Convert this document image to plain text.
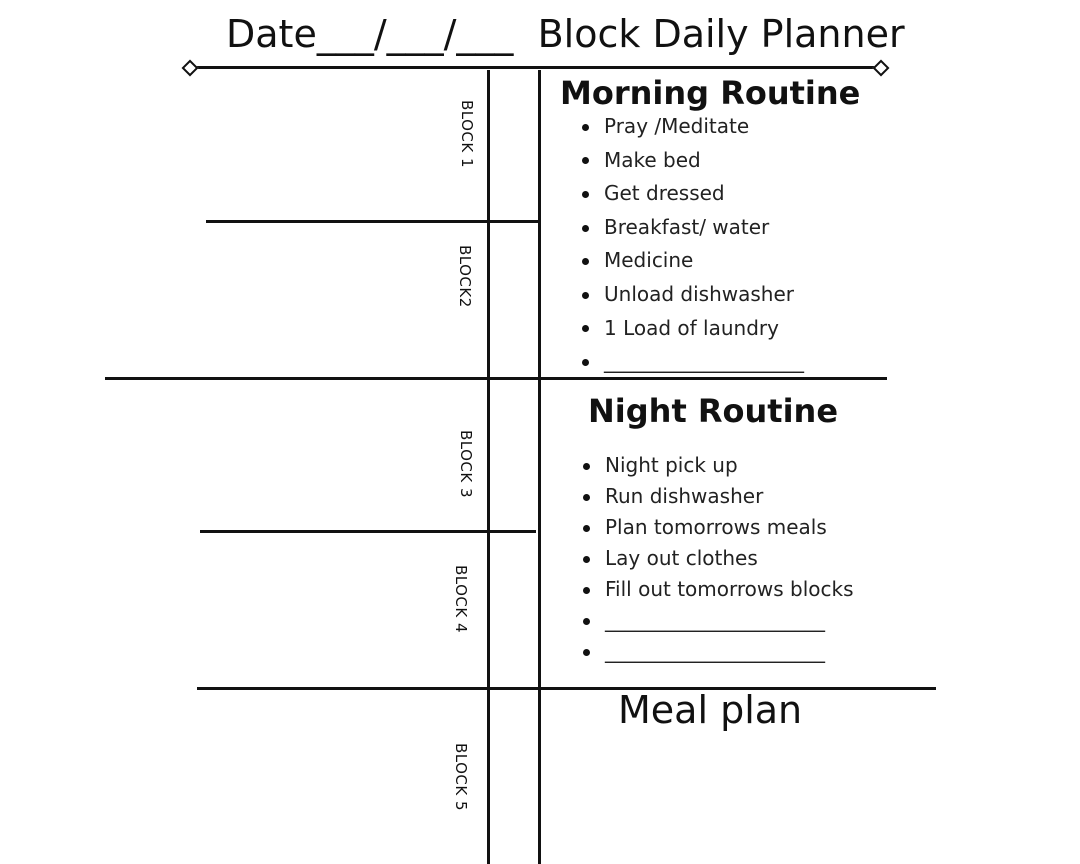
Date___/___/___  Block Daily Planner
BLOCK 1
BLOCK2
BLOCK 3
BLOCK 4
BLOCK 5
Morning Routine
Pray /Meditate
Make bed
Get dressed
Breakfast/ water
Medicine
Unload dishwasher
1 Load of laundry
____________________
Night Routine
Night pick up
Run dishwasher
Plan tomorrows meals
Lay out clothes
Fill out tomorrows blocks
______________________
______________________
Meal plan
